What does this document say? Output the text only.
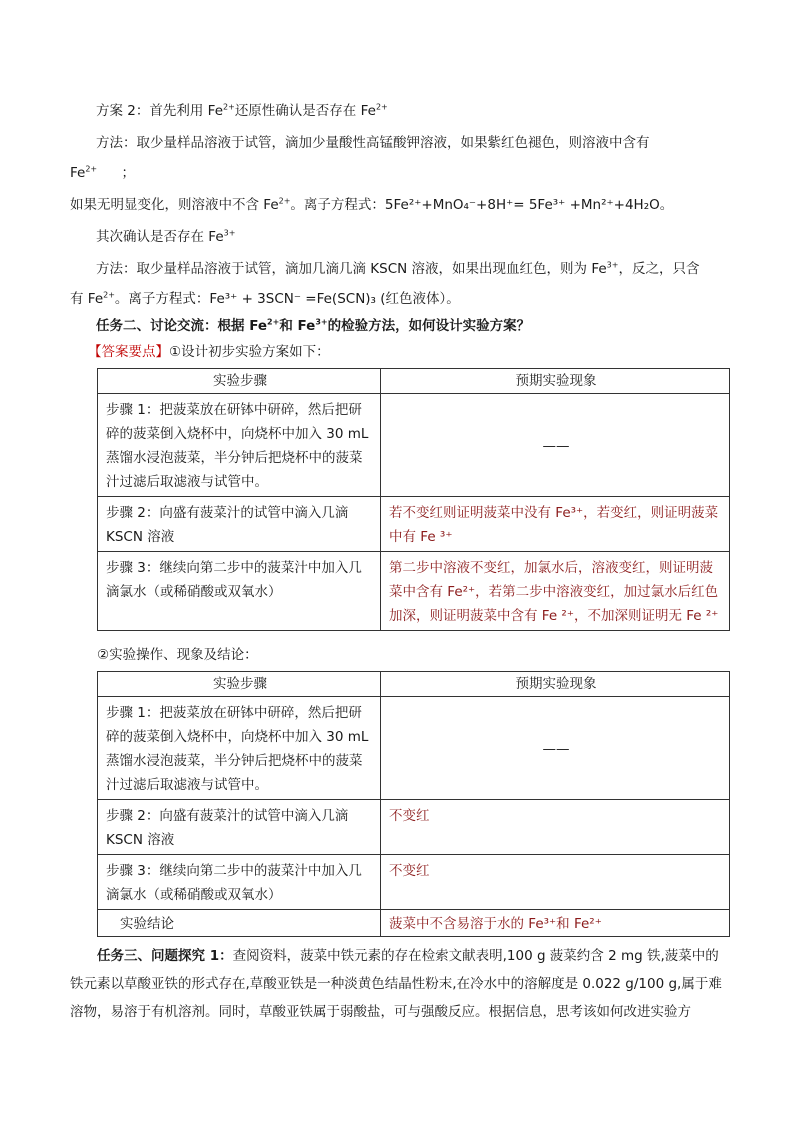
方案 2：首先利用 $Fe^{2+}$还原性确认是否存在 $Fe^{2+}$
方法：取少量样品溶液于试管，滴加少量酸性高锰酸钾溶液，如果紫红色褪色，则溶液中含有
$Fe^{2+}$ ；
如果无明显变化，则溶液中不含 $Fe^{2+}$。离子方程式：5Fe²⁺+MnO₄⁻+8H⁺= 5Fe³⁺ +Mn²⁺+4H₂O。
其次确认是否存在 $Fe^{3+}$
方法：取少量样品溶液于试管，滴加几滴几滴 KSCN 溶液，如果出现血红色，则为 $Fe^{3+}$，反之，只含
有 $Fe^{2+}$。离子方程式：Fe³⁺ + 3SCN⁻ =Fe(SCN)₃ (红色液体）。
任务二、讨论交流：根据 $Fe^{2+}$和 $Fe^{3+}$的检验方法，如何设计实验方案？
【答案要点】①设计初步实验方案如下：
实验步骤	预期实验现象
步骤 1：把菠菜放在研钵中研碎，然后把研碎的菠菜倒入烧杯中，向烧杯中加入 30 mL 蒸馏水浸泡菠菜，半分钟后把烧杯中的菠菜汁过滤后取滤液与试管中。	——
步骤 2：向盛有菠菜汁的试管中滴入几滴 KSCN 溶液	若不变红则证明菠菜中没有 Fe³⁺，若变红，则证明菠菜中有 Fe ³⁺
步骤 3：继续向第二步中的菠菜汁中加入几滴氯水（或稀硝酸或双氧水）	第二步中溶液不变红，加氯水后，溶液变红，则证明菠菜中含有 Fe²⁺，若第二步中溶液变红，加过氯水后红色加深，则证明菠菜中含有 Fe ²⁺，不加深则证明无 Fe ²⁺
②实验操作、现象及结论：
实验步骤	预期实验现象
步骤 1：把菠菜放在研钵中研碎，然后把研碎的菠菜倒入烧杯中，向烧杯中加入 30 mL 蒸馏水浸泡菠菜，半分钟后把烧杯中的菠菜汁过滤后取滤液与试管中。	——
步骤 2：向盛有菠菜汁的试管中滴入几滴 KSCN 溶液	不变红
步骤 3：继续向第二步中的菠菜汁中加入几滴氯水（或稀硝酸或双氧水）	不变红
实验结论	菠菜中不含易溶于水的 Fe³⁺和 Fe²⁺
任务三、问题探究 1：查阅资料，菠菜中铁元素的存在检索文献表明,100 g 菠菜约含 2 mg 铁,菠菜中的
铁元素以草酸亚铁的形式存在,草酸亚铁是一种淡黄色结晶性粉末,在冷水中的溶解度是 0.022 g/100 g,属于难
溶物，易溶于有机溶剂。同时，草酸亚铁属于弱酸盐，可与强酸反应。根据信息，思考该如何改进实验方
